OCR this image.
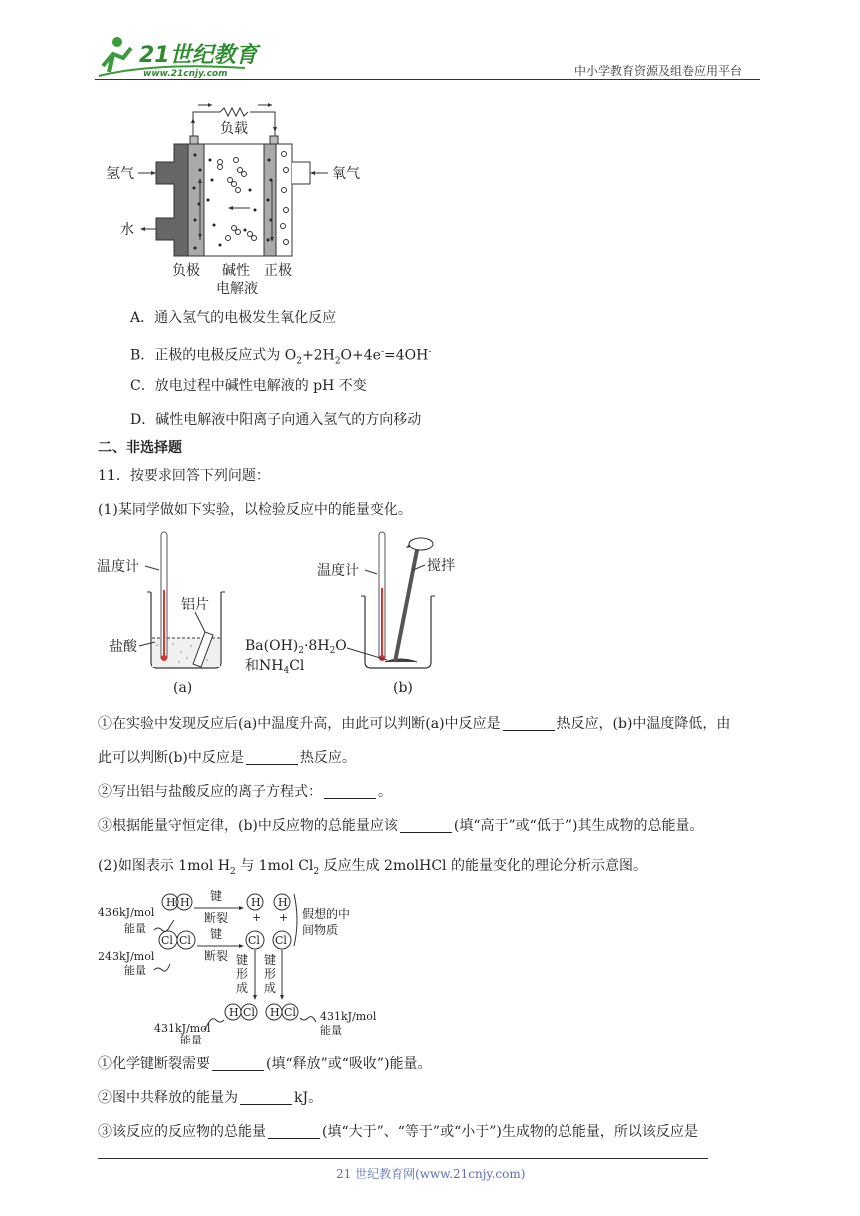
21世纪教育
www.21cnjy.com	中小学教育资源及组卷应用平台
负载
氢气	氧气
水
负极 碱性
电解液
正极
A．通入氢气的电极发生氧化反应
B．正极的电极反应式为 $O_2+2H_2O+4e^-=4OH^-$
C．放电过程中碱性电解液的 pH 不变
D．碱性电解液中阳离子向通入氢气的方向移动
二、非选择题
11．按要求回答下列问题：
(1)某同学做如下实验，以检验反应中的能量变化。
温度计
铝片
盐酸
(a)
温度计	搅拌
$Ba(OH)_2\cdot 8H_2O$
和$NH_4Cl$
(b)
①在实验中发现反应后(a)中温度升高，由此可以判断(a)中反应是	热反应，(b)中温度降低，由
此可以判断(b)中反应是	热反应。
②写出铝与盐酸反应的离子方程式：	。
③根据能量守恒定律，(b)中反应物的总能量应该	(填“高于”或“低于”)其生成物的总能量。
(2)如图表示 1mol $H_2$ 与 1mol $Cl_2$ 反应生成 2molHCl 的能量变化的理论分析示意图。
H H
Cl Cl
H H
Cl Cl
H Cl H Cl
+ +
键
断裂
键
断裂
假想的中
间物质
键
形
成
键
形
成
436kJ/mol
能量
243kJ/mol
能量
431kJ/mol
能量
431kJ/mol
能量
①化学键断裂需要	(填“释放”或“吸收”)能量。
②图中共释放的能量为	kJ。
③该反应的反应物的总能量	(填“大于”、“等于”或“小于”)生成物的总能量，所以该反应是
21 世纪教育网(www.21cnjy.com)
